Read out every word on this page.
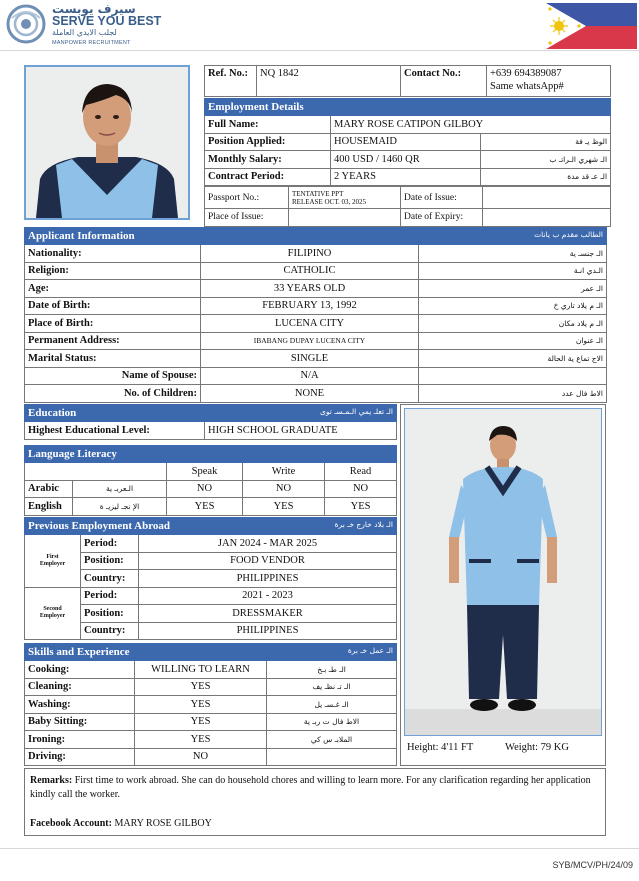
سيرف يوبست
SERVE YOU BEST
لجلب الايدي العاملة
MANPOWER RECRUITMENT
Ref. No.:	NQ 1842	Contact No.:	+639 694389087
Same whatsApp#
Employment Details		
Full Name:	MARY ROSE CATIPON GILBOY	
Position Applied:	HOUSEMAID	الوظ يـ فة
Monthly Salary:	400 USD / 1460 QR	الـ شهري الـراتـ ب
Contract Period:	2 YEARS	الـ عـ قد مدة
Passport No.:	TENTATIVE PPT
RELEASE OCT. 03, 2025	Date of Issue:	
Place of Issue:		Date of Expiry:	
Applicant Information الطالب مقدم ب يانات		

Nationality:	FILIPINO	الـ جنسـ ية
Religion:	CATHOLIC	الـدي انـة
Age:	33 YEARS OLD	الـ عمر
Date of Birth:	FEBRUARY 13, 1992	الـ م يلاد تاري خ
Place of Birth:	LUCENA CITY	الـ م يلاد مكان
Permanent Address:	IBABANG DUPAY LUCENA CITY	الـ عنوان
Marital Status:	SINGLE	الاج تماع ية الحالة
Name of Spouse:	N/A	
No. of Children:	NONE	الاط فال عدد
Education	الـ تعلـ يمي الـمـسـ توى

Highest Educational Level:	HIGH SCHOOL GRADUATE
Language Literacy				
		Speak	Write	Read
Arabic	الـعربـ ية	NO	NO	NO
English	الإ نجـ ليزيـ ة	YES	YES	YES
Previous Employment Abroad الـ بلاد خارج خـ برة		

First
Employer	Period:	JAN 2024 - MAR 2025
	Position:	FOOD VENDOR
	Country:	PHILIPPINES

Second
Employer	Period:	2021 - 2023
	Position:	DRESSMAKER
	Country:	PHILIPPINES
Skills and Experience الـ عمل خـ برة		

Cooking:	WILLING TO LEARN	الـ طـ بـخ
Cleaning:	YES	الـ تـ نظـ يف
Washing:	YES	الـ غـسـ يل
Baby Sitting:	YES	الاط فال ت ربـ ية
Ironing:	YES	الملابـ س كي
Driving:	NO	
Height: 4'11 FT	Weight: 79 KG
Remarks: First time to work abroad. She can do household chores and willing to learn more. For any clarification regarding her application kindly call the worker.
Facebook Account: MARY ROSE GILBOY
SYB/MCV/PH/24/09
